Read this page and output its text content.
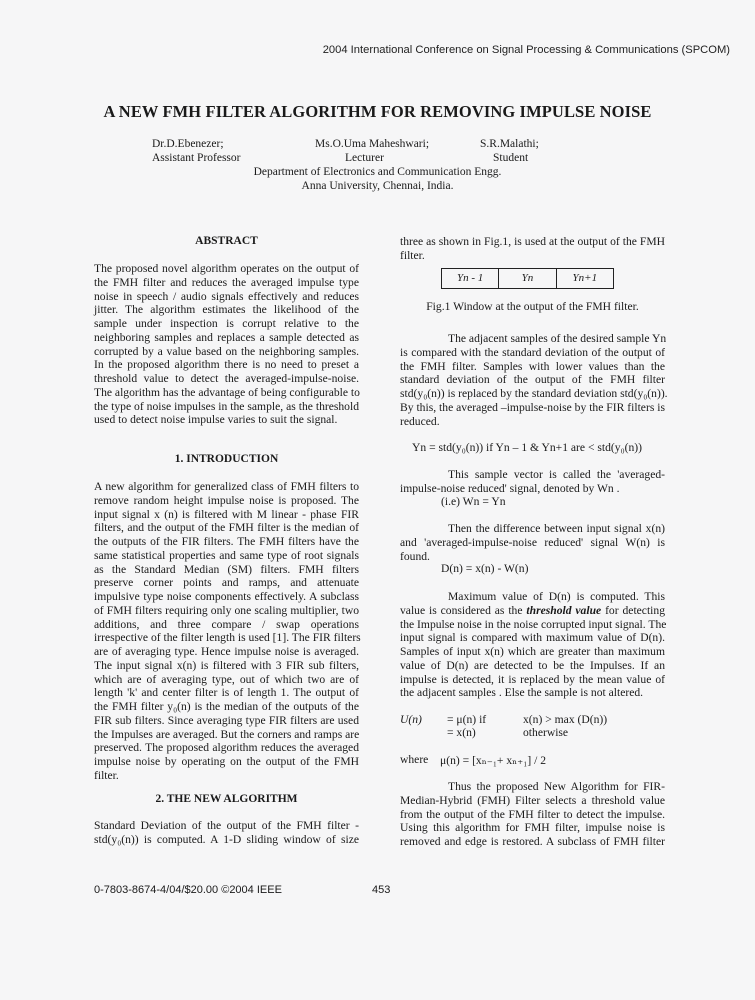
2004 International Conference on Signal Processing & Communications (SPCOM)
A NEW FMH FILTER ALGORITHM FOR REMOVING IMPULSE NOISE
Dr.D.Ebenezer;
Assistant Professor
Ms.O.Uma Maheshwari;
Lecturer
S.R.Malathi;
Student
Department of Electronics and Communication Engg.
Anna University, Chennai, India.
ABSTRACT
The proposed novel algorithm operates on the output of
the FMH filter and reduces the averaged impulse type
noise in speech / audio signals effectively and reduces
jitter. The algorithm estimates the likelihood of the
sample under inspection is corrupt relative to the
neighboring samples and replaces a sample detected as
corrupted by a value based on the neighboring samples.
In the proposed algorithm there is no need to preset a
threshold value to detect the averaged-impulse-noise.
The algorithm has the advantage of being configurable to
the type of noise impulses in the sample, as the threshold
used to detect noise impulse varies to suit the signal.
1. INTRODUCTION
A new algorithm for generalized class of FMH filters to
remove random height impulse noise is proposed. The
input signal x (n) is filtered with M linear - phase FIR
filters, and the output of the FMH filter is the median of
the outputs of the FIR filters. The FMH filters have the
same statistical properties and same type of root signals
as the Standard Median (SM) filters. FMH filters
preserve corner points and ramps, and attenuate
impulsive type noise components effectively. A subclass
of FMH filters requiring only one scaling multiplier, two
additions, and three compare / swap operations
irrespective of the filter length is used [1]. The FIR filters
are of averaging type. Hence impulse noise is averaged.
The input signal x(n) is filtered with 3 FIR sub filters,
which are of averaging type, out of which two are of
length 'k' and center filter is of length 1. The output of
the FMH filter y₀(n) is the median of the outputs of the
FIR sub filters. Since averaging type FIR filters are used
the Impulses are averaged. But the corners and ramps are
preserved. The proposed algorithm reduces the averaged
impulse noise by operating on the output of the FMH
filter.
2. THE NEW ALGORITHM
Standard Deviation of the output of the FMH filter -
std(y₀(n)) is computed. A 1-D sliding window of size
three as shown in Fig.1, is used at the output of the FMH
filter.
Yn - 1	Yn	Yn+1
Fig.1 Window at the output of the FMH filter.
The adjacent samples of the desired sample Yn
is compared with the standard deviation of the output of
the FMH filter. Samples with lower values than the
standard deviation of the output of the FMH filter
std(y₀(n)) is replaced by the standard deviation std(y₀(n)).
By this, the averaged –impulse-noise by the FIR filters is
reduced.
Yn = std(y₀(n)) if Yn – 1 & Yn+1 are < std(y₀(n))
This sample vector is called the 'averaged-
impulse-noise reduced' signal, denoted by Wn .
(i.e) Wn = Yn
Then the difference between input signal x(n)
and 'averaged-impulse-noise reduced' signal W(n) is
found.
D(n) = x(n) - W(n)
Maximum value of D(n) is computed. This
value is considered as the threshold value for detecting
the Impulse noise in the noise corrupted input signal. The
input signal is compared with maximum value of D(n).
Samples of input x(n) which are greater than maximum
value of D(n) are detected to be the Impulses. If an
impulse is detected, it is replaced by the mean value of
the adjacent samples . Else the sample is not altered.
U(n) = μ(n) if	x(n) > max (D(n))
= x(n)	otherwise
where μ(n) = [xₙ₋₁+ xₙ₊₁] / 2
Thus the proposed New Algorithm for FIR-
Median-Hybrid (FMH) Filter selects a threshold value
from the output of the FMH filter to detect the impulse.
Using this algorithm for FMH filter, impulse noise is
removed and edge is restored. A subclass of FMH filter
0-7803-8674-4/04/$20.00 ©2004 IEEE	453
